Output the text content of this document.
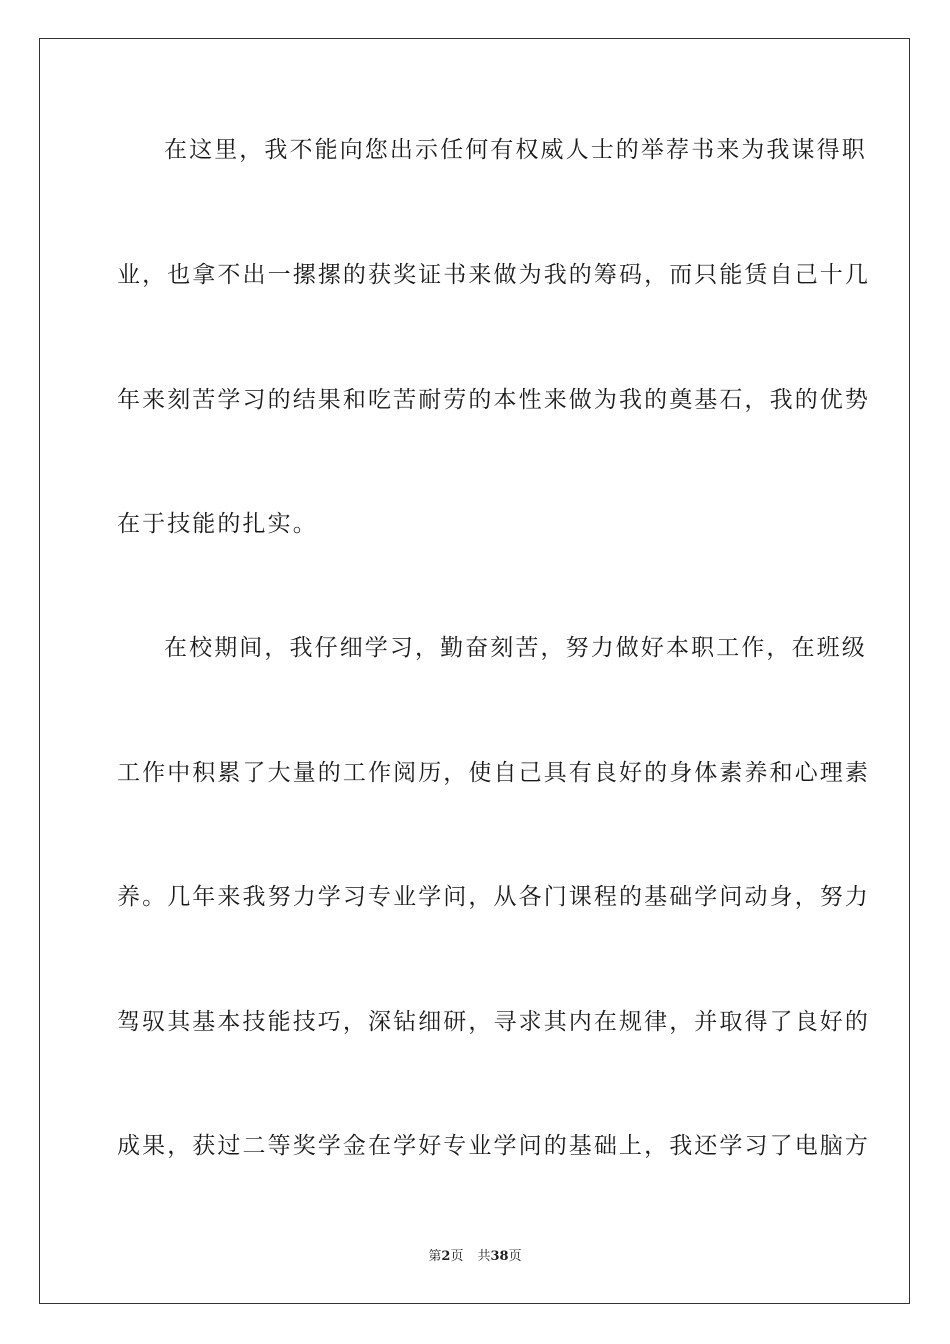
在这里，我不能向您出示任何有权威人士的举荐书来为我谋得职
业，也拿不出一摞摞的获奖证书来做为我的筹码，而只能赁自己十几
年来刻苦学习的结果和吃苦耐劳的本性来做为我的奠基石，我的优势
在于技能的扎实。
在校期间，我仔细学习，勤奋刻苦，努力做好本职工作，在班级
工作中积累了大量的工作阅历，使自己具有良好的身体素养和心理素
养。几年来我努力学习专业学问，从各门课程的基础学问动身，努力
驾驭其基本技能技巧，深钻细研，寻求其内在规律，并取得了良好的
成果，获过二等奖学金在学好专业学问的基础上，我还学习了电脑方
第2页 共38页
